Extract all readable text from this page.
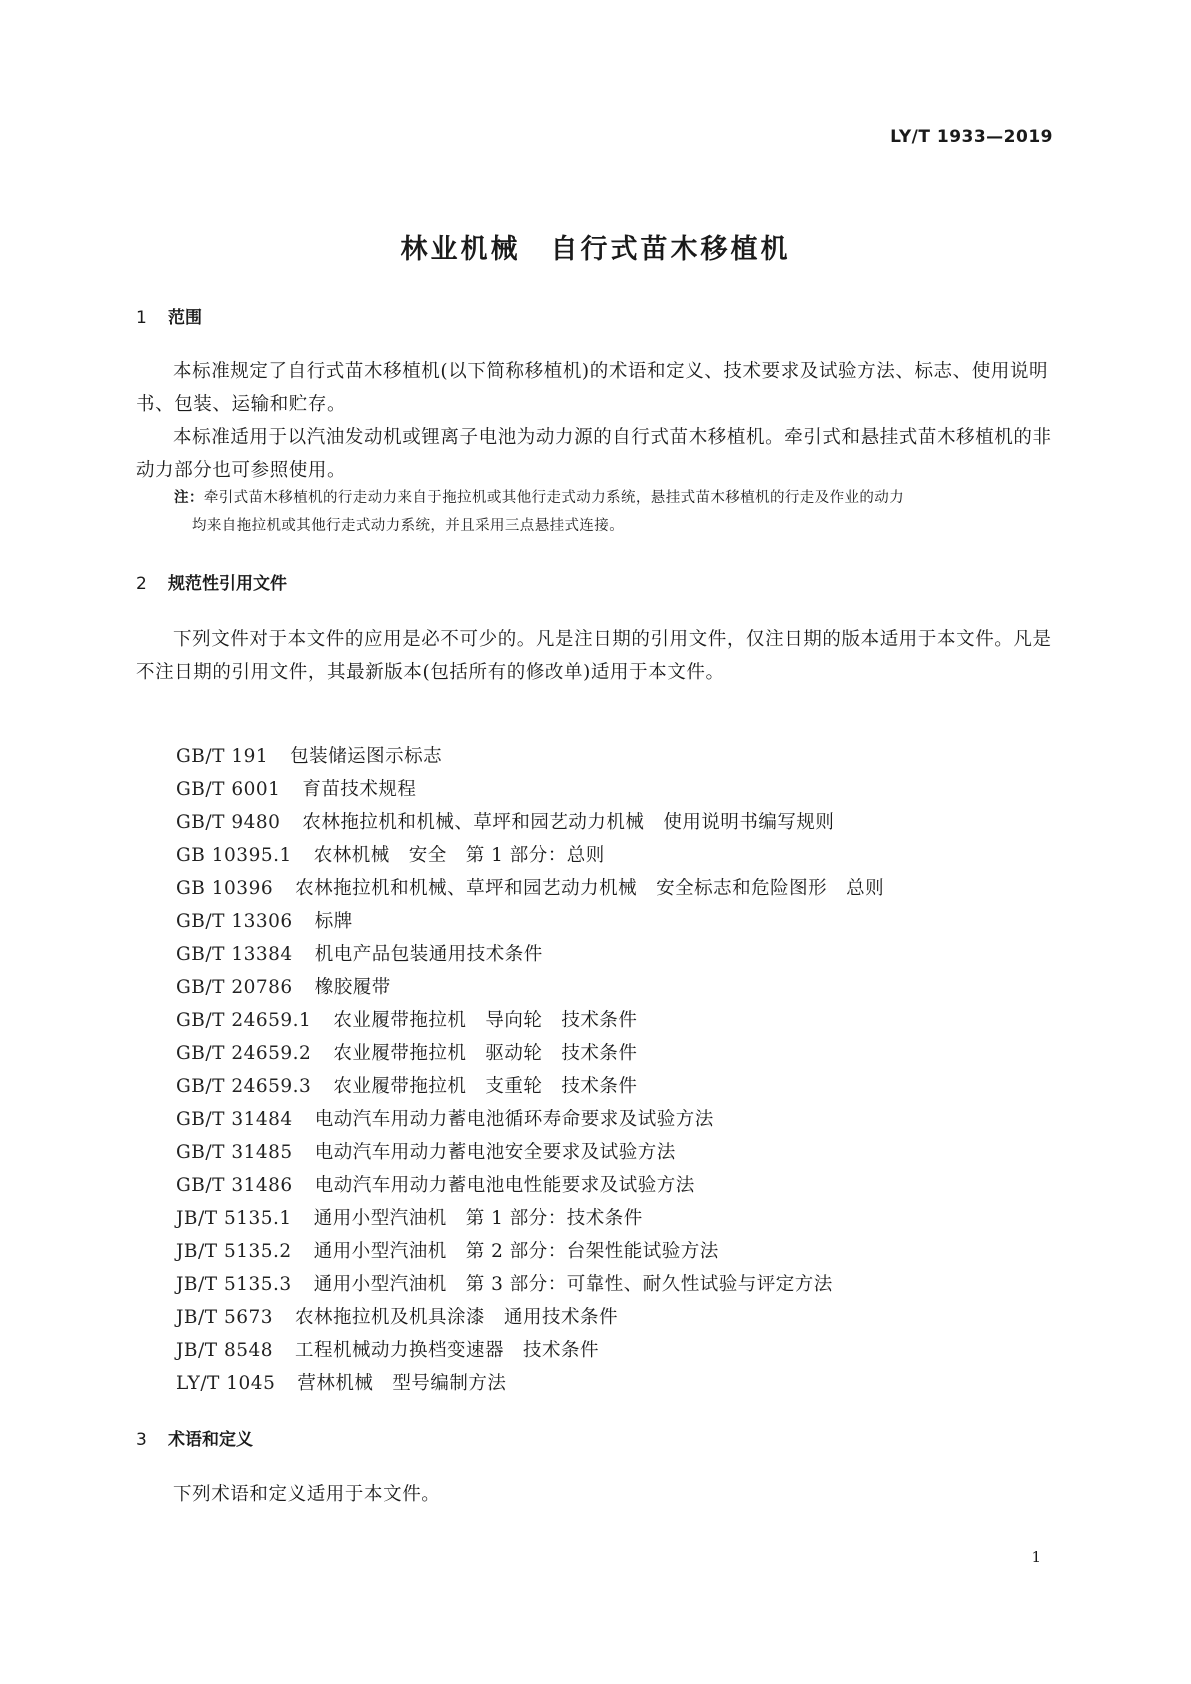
LY/T 1933—2019
林业机械　自行式苗木移植机
1 范围
本标准规定了自行式苗木移植机(以下简称移植机)的术语和定义、技术要求及试验方法、标志、使用说明书、包装、运输和贮存。
本标准适用于以汽油发动机或锂离子电池为动力源的自行式苗木移植机。牵引式和悬挂式苗木移植机的非动力部分也可参照使用。
注：牵引式苗木移植机的行走动力来自于拖拉机或其他行走式动力系统，悬挂式苗木移植机的行走及作业的动力
均来自拖拉机或其他行走式动力系统，并且采用三点悬挂式连接。
2 规范性引用文件
下列文件对于本文件的应用是必不可少的。凡是注日期的引用文件，仅注日期的版本适用于本文件。凡是不注日期的引用文件，其最新版本(包括所有的修改单)适用于本文件。
GB/T 191 包装储运图示标志
GB/T 6001 育苗技术规程
GB/T 9480 农林拖拉机和机械、草坪和园艺动力机械　使用说明书编写规则
GB 10395.1 农林机械　安全　第 1 部分：总则
GB 10396 农林拖拉机和机械、草坪和园艺动力机械　安全标志和危险图形　总则
GB/T 13306 标牌
GB/T 13384 机电产品包装通用技术条件
GB/T 20786 橡胶履带
GB/T 24659.1 农业履带拖拉机　导向轮　技术条件
GB/T 24659.2 农业履带拖拉机　驱动轮　技术条件
GB/T 24659.3 农业履带拖拉机　支重轮　技术条件
GB/T 31484 电动汽车用动力蓄电池循环寿命要求及试验方法
GB/T 31485 电动汽车用动力蓄电池安全要求及试验方法
GB/T 31486 电动汽车用动力蓄电池电性能要求及试验方法
JB/T 5135.1 通用小型汽油机　第 1 部分：技术条件
JB/T 5135.2 通用小型汽油机　第 2 部分：台架性能试验方法
JB/T 5135.3 通用小型汽油机　第 3 部分：可靠性、耐久性试验与评定方法
JB/T 5673 农林拖拉机及机具涂漆　通用技术条件
JB/T 8548 工程机械动力换档变速器　技术条件
LY/T 1045 营林机械　型号编制方法
3 术语和定义
下列术语和定义适用于本文件。
1
